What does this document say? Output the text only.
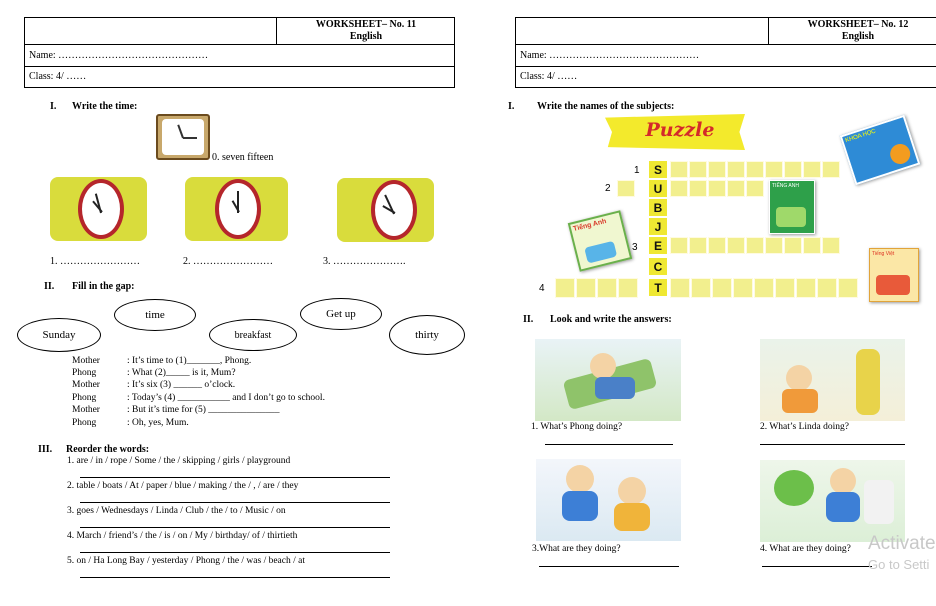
WORKSHEET– No. 11
English
Name: ………………………………………
Class: 4/ ……
I. Write the time:
0. seven fifteen
1. ……………………	2. ……………………	3. ………………….
II. Fill in the gap:
Sunday
time
breakfast
Get up
thirty
Mother	: It’s time to (1)_______, Phong.
Phong	: What (2)_____ is it, Mum?
Mother	: It’s six (3) ______ o’clock.
Phong	: Today’s (4) ___________ and I don’t go to school.
Mother	: But it’s time for (5) _______________
Phong	: Oh, yes, Mum.
III. Reorder the words:
1. are / in / rope / Some / the / skipping / girls / playground
2. table / boats / At / paper / blue / making / the / , / are / they
3. goes / Wednesdays / Linda / Club / the / to / Music / on
4. March / friend’s / the / is / on / My / birthday/ of / thirtieth
5. on / Ha Long Bay / yesterday / Phong / the / was / beach / at
WORKSHEET– No. 12
English
Name: ………………………………………
Class: 4/ ……
I. Write the names of the subjects:
Puzzle	KHOA HỌC
TIẾNG ANH
Tiếng Anh
Tiếng Việt
1
2
3
4
S
U
B
J
E
C
T
II. Look and write the answers:
1. What’s Phong doing?	2. What’s Linda doing?
3.What are they doing?	4. What are they doing? Activate
Go to Setti
